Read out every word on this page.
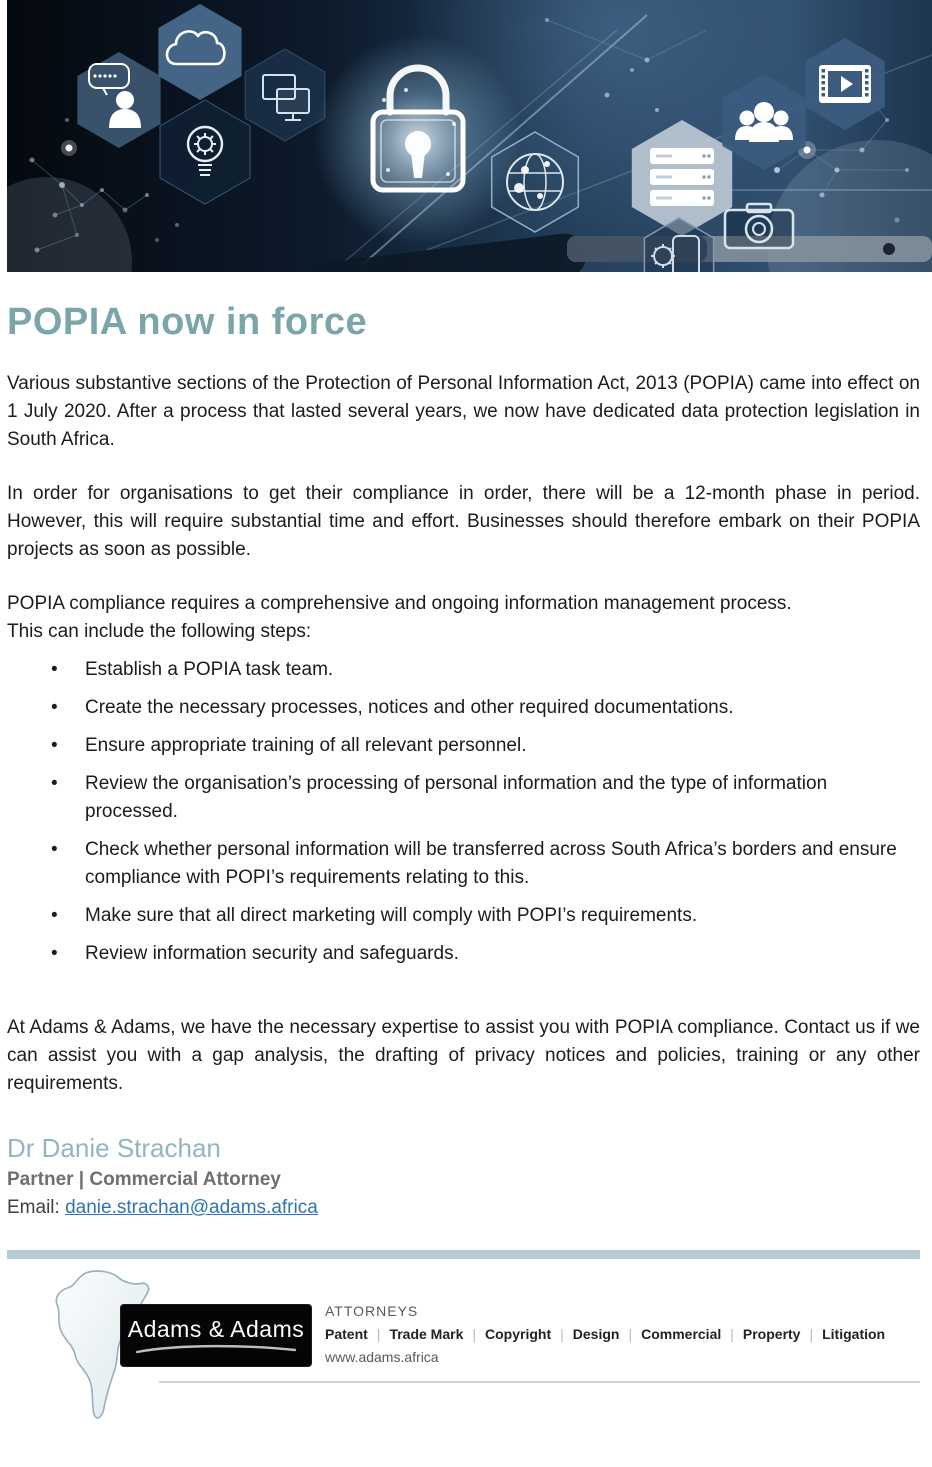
POPIA now in force

Various substantive sections of the Protection of Personal Information Act, 2013 (POPIA) came into effect on 1 July 2020. After a process that lasted several years, we now have dedicated data protection legislation in South Africa.

In order for organisations to get their compliance in order, there will be a 12-month phase in period. However, this will require substantial time and effort. Businesses should therefore embark on their POPIA projects as soon as possible.

POPIA compliance requires a comprehensive and ongoing information management process.
This can include the following steps:

• Establish a POPIA task team.
• Create the necessary processes, notices and other required documentations.
• Ensure appropriate training of all relevant personnel.
• Review the organisation’s processing of personal information and the type of information processed.
• Check whether personal information will be transferred across South Africa’s borders and ensure compliance with POPI’s requirements relating to this.
• Make sure that all direct marketing will comply with POPI’s requirements.
• Review information security and safeguards.

At Adams & Adams, we have the necessary expertise to assist you with POPIA compliance. Contact us if we can assist you with a gap analysis, the drafting of privacy notices and policies, training or any other requirements.

Dr Danie Strachan
Partner | Commercial Attorney
Email: danie.strachan@adams.africa
Adams & Adams
ATTORNEYS
Patent | Trade Mark | Copyright | Design | Commercial | Property | Litigation
www.adams.africa
